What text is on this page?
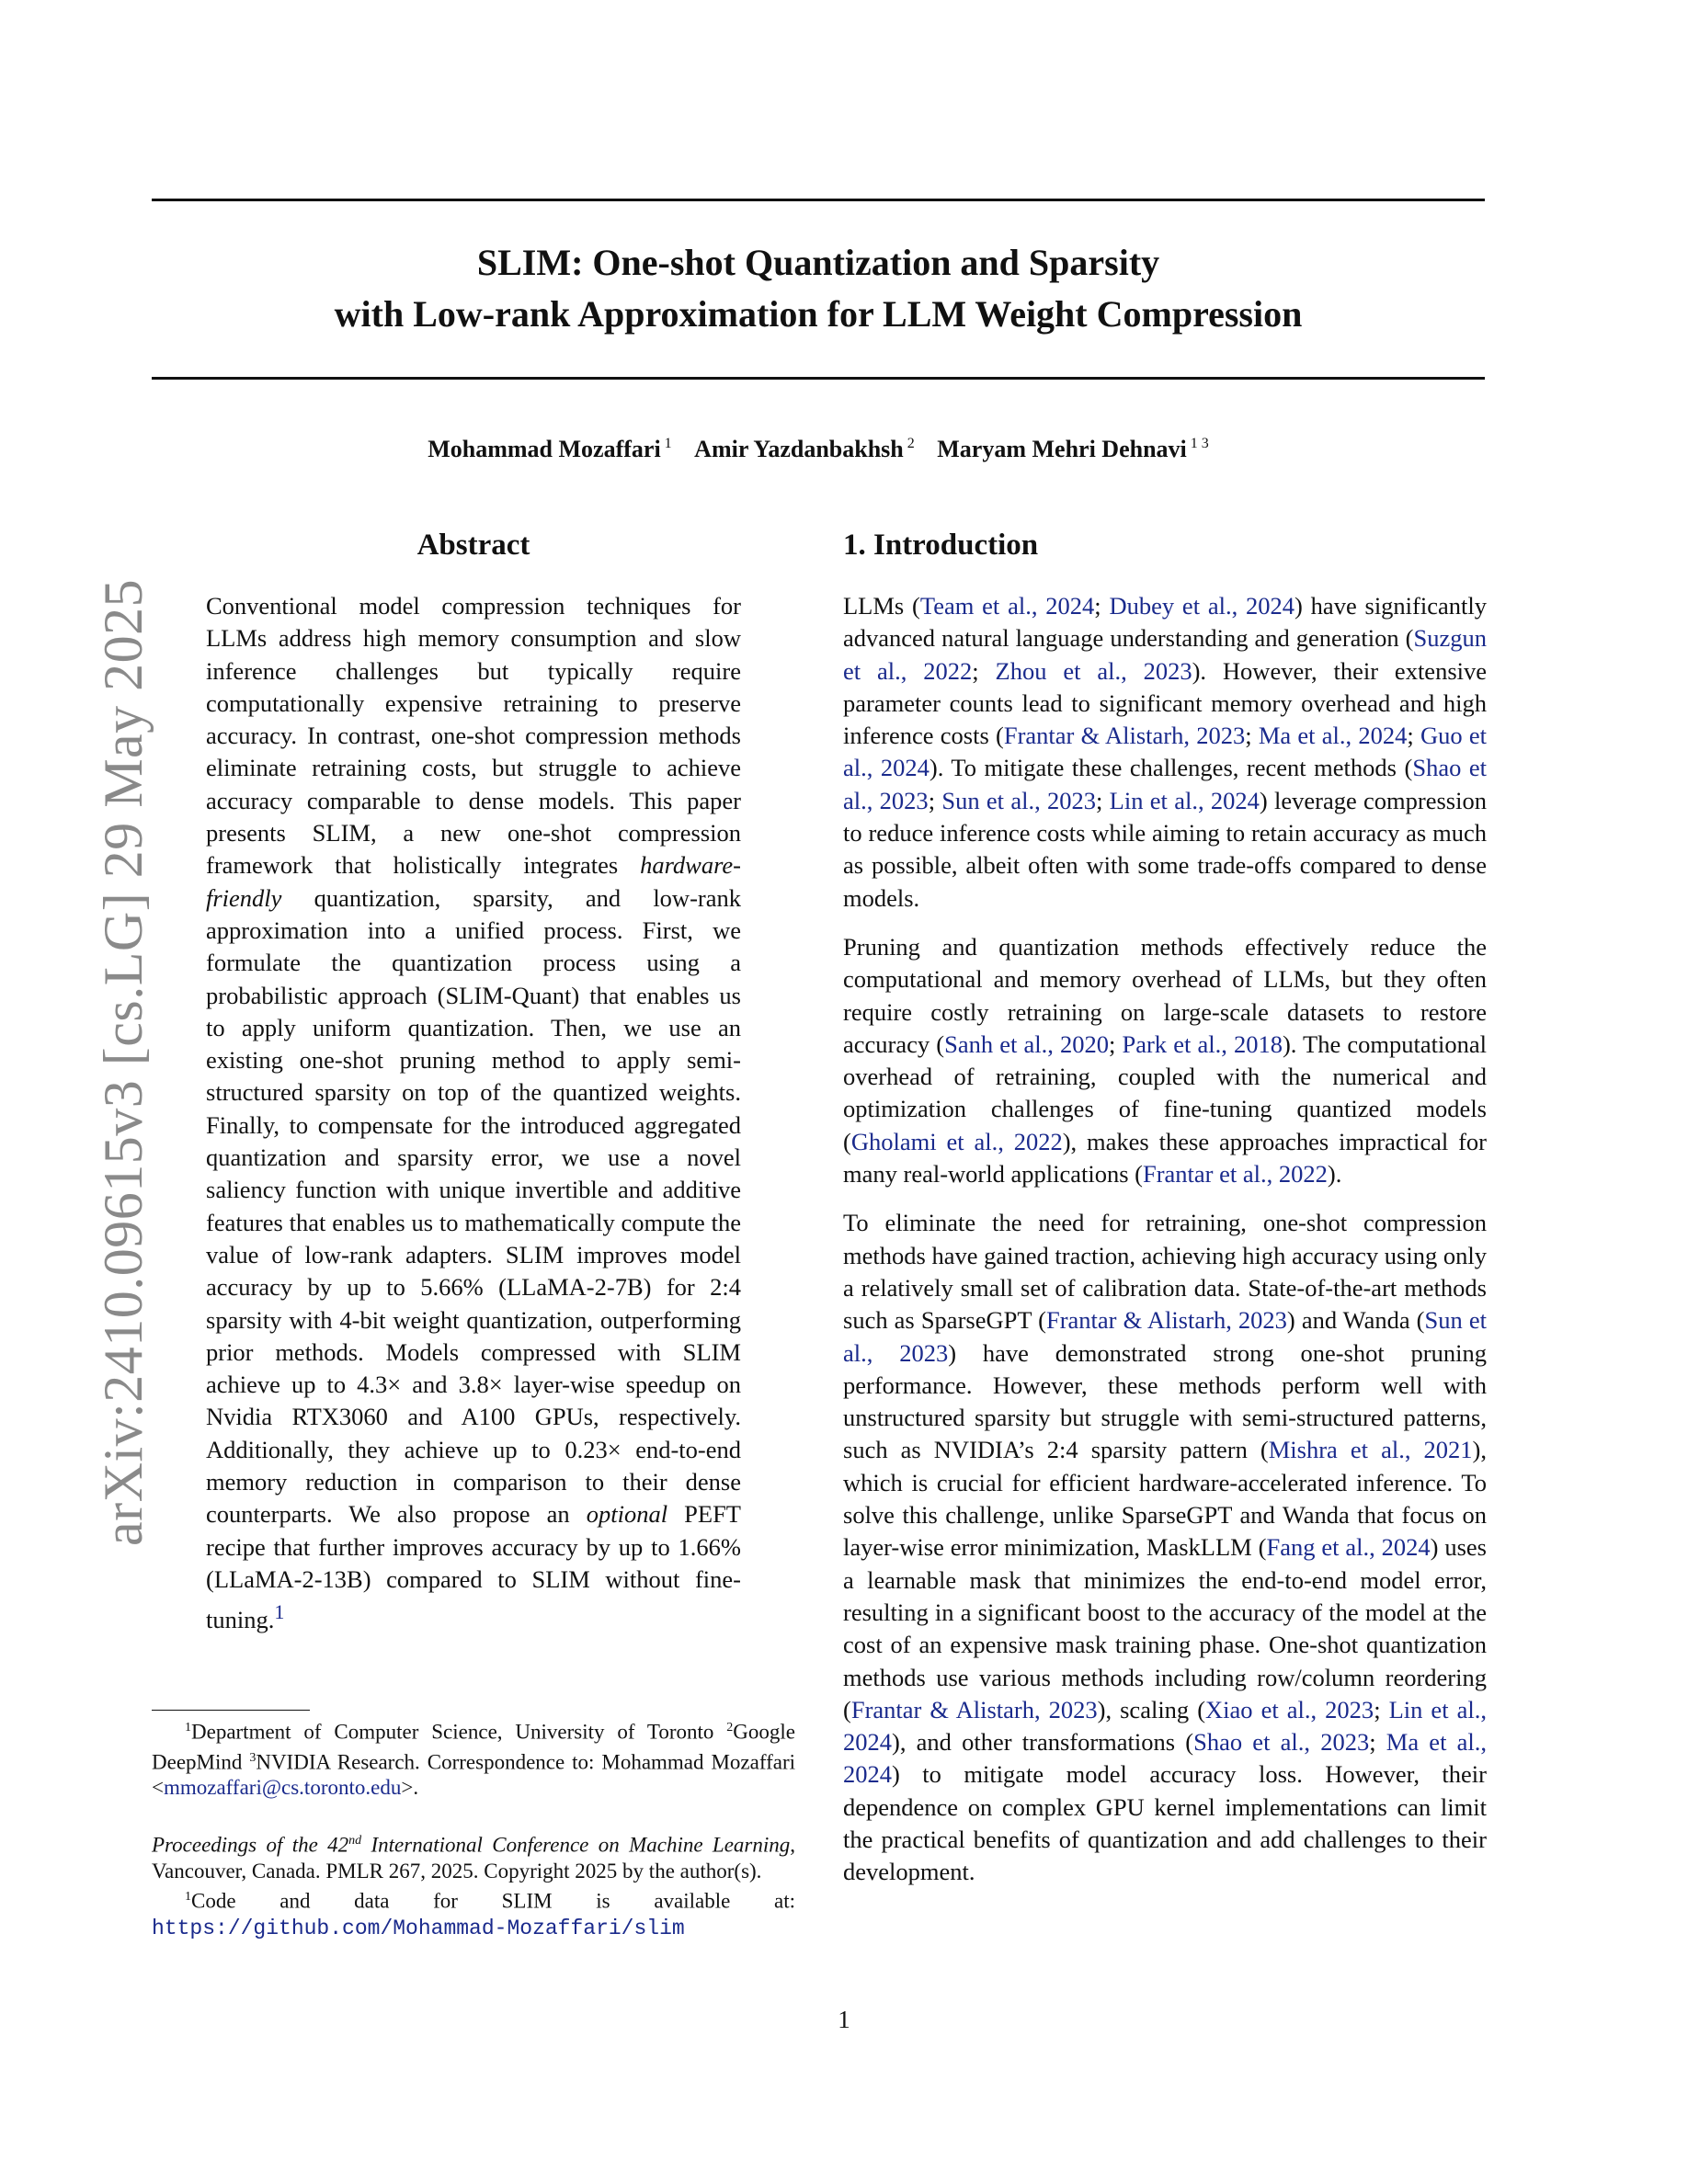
SLIM: One-shot Quantization and Sparsity
with Low-rank Approximation for LLM Weight Compression
Mohammad Mozaffari $^1$ Amir Yazdanbakhsh $^2$ Maryam Mehri Dehnavi $^{1 3}$
arXiv:2410.09615v3 [cs.LG] 29 May 2025
Abstract

Conventional model compression techniques for LLMs address high memory consumption and slow inference challenges but typically require computationally expensive retraining to preserve accuracy. In contrast, one-shot compression methods eliminate retraining costs, but struggle to achieve accuracy comparable to dense models. This paper presents SLIM, a new one-shot compression framework that holistically integrates hardware-friendly quantization, sparsity, and low-rank approximation into a unified process. First, we formulate the quantization process using a probabilistic approach (SLIM-Quant) that enables us to apply uniform quantization. Then, we use an existing one-shot pruning method to apply semi-structured sparsity on top of the quantized weights. Finally, to compensate for the introduced aggregated quantization and sparsity error, we use a novel saliency function with unique invertible and additive features that enables us to mathematically compute the value of low-rank adapters. SLIM improves model accuracy by up to 5.66% (LLaMA-2-7B) for 2:4 sparsity with 4-bit weight quantization, outperforming prior methods. Models compressed with SLIM achieve up to 4.3× and 3.8× layer-wise speedup on Nvidia RTX3060 and A100 GPUs, respectively. Additionally, they achieve up to 0.23× end-to-end memory reduction in comparison to their dense counterparts. We also propose an optional PEFT recipe that further improves accuracy by up to 1.66% (LLaMA-2-13B) compared to SLIM without fine-tuning.$^1$

1. Introduction

LLMs (Team et al., 2024; Dubey et al., 2024) have significantly advanced natural language understanding and generation (Suzgun et al., 2022; Zhou et al., 2023). However, their extensive parameter counts lead to significant memory overhead and high inference costs (Frantar & Alistarh, 2023; Ma et al., 2024; Guo et al., 2024). To mitigate these challenges, recent methods (Shao et al., 2023; Sun et al., 2023; Lin et al., 2024) leverage compression to reduce inference costs while aiming to retain accuracy as much as possible, albeit often with some trade-offs compared to dense models.

Pruning and quantization methods effectively reduce the computational and memory overhead of LLMs, but they often require costly retraining on large-scale datasets to restore accuracy (Sanh et al., 2020; Park et al., 2018). The computational overhead of retraining, coupled with the numerical and optimization challenges of fine-tuning quantized models (Gholami et al., 2022), makes these approaches impractical for many real-world applications (Frantar et al., 2022).

To eliminate the need for retraining, one-shot compression methods have gained traction, achieving high accuracy using only a relatively small set of calibration data. State-of-the-art methods such as SparseGPT (Frantar & Alistarh, 2023) and Wanda (Sun et al., 2023) have demonstrated strong one-shot pruning performance. However, these methods perform well with unstructured sparsity but struggle with semi-structured patterns, such as NVIDIA’s 2:4 sparsity pattern (Mishra et al., 2021), which is crucial for efficient hardware-accelerated inference. To solve this challenge, unlike SparseGPT and Wanda that focus on layer-wise error minimization, MaskLLM (Fang et al., 2024) uses a learnable mask that minimizes the end-to-end model error, resulting in a significant boost to the accuracy of the model at the cost of an expensive mask training phase. One-shot quantization methods use various methods including row/column reordering (Frantar & Alistarh, 2023), scaling (Xiao et al., 2023; Lin et al., 2024), and other transformations (Shao et al., 2023; Ma et al., 2024) to mitigate model accuracy loss. However, their dependence on complex GPU kernel implementations can limit the practical benefits of quantization and add challenges to their development.

$^1$Department of Computer Science, University of Toronto $^2$Google DeepMind $^3$NVIDIA Research. Correspondence to: Mohammad Mozaffari <mmozaffari@cs.toronto.edu>.

Proceedings of the 42nd International Conference on Machine Learning, Vancouver, Canada. PMLR 267, 2025. Copyright 2025 by the author(s).

$^1$Code and data for SLIM is available at: https://github.com/Mohammad-Mozaffari/slim

1
